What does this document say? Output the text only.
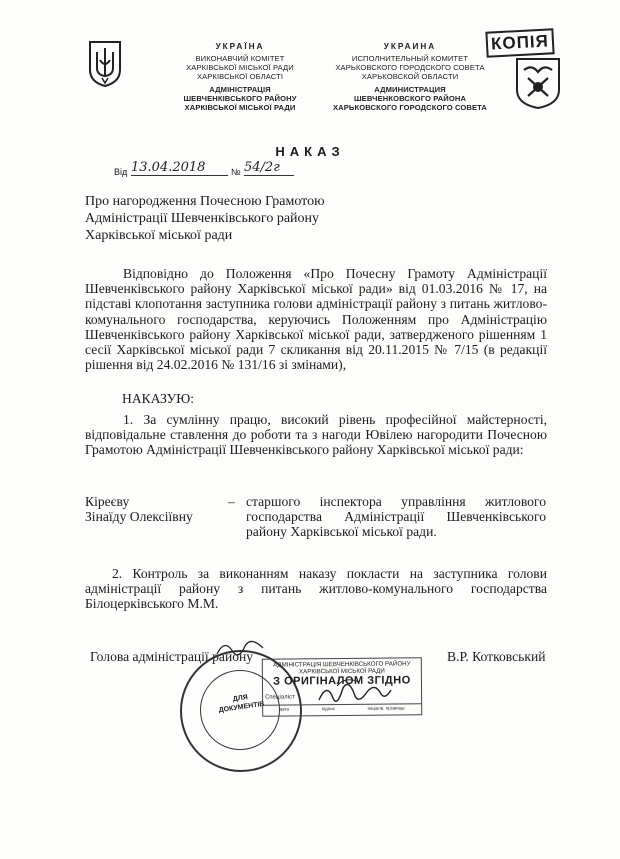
УКРАЇНА
ВИКОНАВЧИЙ КОМІТЕТ
ХАРКІВСЬКОЇ МІСЬКОЇ РАДИ
ХАРКІВСЬКОЇ ОБЛАСТІ
АДМІНІСТРАЦІЯ
ШЕВЧЕНКІВСЬКОГО РАЙОНУ
ХАРКІВСЬКОЇ МІСЬКОЇ РАДИ
УКРАИНА
ИСПОЛНИТЕЛЬНЫЙ КОМИТЕТ
ХАРЬКОВСКОГО ГОРОДСКОГО СОВЕТА
ХАРЬКОВСКОЙ ОБЛАСТИ
АДМИНИСТРАЦИЯ
ШЕВЧЕНКОВСКОГО РАЙОНА
ХАРЬКОВСКОГО ГОРОДСКОГО СОВЕТА
КОПІЯ
НАКАЗ
Від 13.04.2018	№ 54/2г
Про нагородження Почесною Грамотою
Адміністрації Шевченківського району
Харківської міської ради
Відповідно до Положення «Про Почесну Грамоту Адміністрації Шевченківського району Харківської міської ради» від 01.03.2016 № 17, на підставі клопотання заступника голови адміністрації району з питань житлово-комунального господарства, керуючись Положенням про Адміністрацію Шевченківського району Харківської міської ради, затвердженого рішенням 1 сесії Харківської міської ради 7 скликання від 20.11.2015 № 7/15 (в редакції рішення від 24.02.2016 № 131/16 зі змінами),
НАКАЗУЮ:
1. За сумлінну працю, високий рівень професійної майстерності, відповідальне ставлення до роботи та з нагоди Ювілею нагородити Почесною Грамотою Адміністрації Шевченківського району Харківської міської ради:
Кіреєву
Зінаїду Олексіївну
– старшого інспектора управління житлового господарства Адміністрації Шевченківського району Харківської міської ради.
2. Контроль за виконанням наказу покласти на заступника голови адміністрації району з питань житлово-комунального господарства Білоцерківського М.М.
Голова адміністрації району	В.Р. Котковський
ДЛЯ
ДОКУМЕНТІВ
АДМІНІСТРАЦІЯ ШЕВЧЕНКІВСЬКОГО РАЙОНУ
ХАРКІВСЬКОЇ МІСЬКОЇ РАДИ
З ОРИГІНАЛОМ ЗГІДНО
Спеціаліст
дата	підпис	ініціали, прізвище
